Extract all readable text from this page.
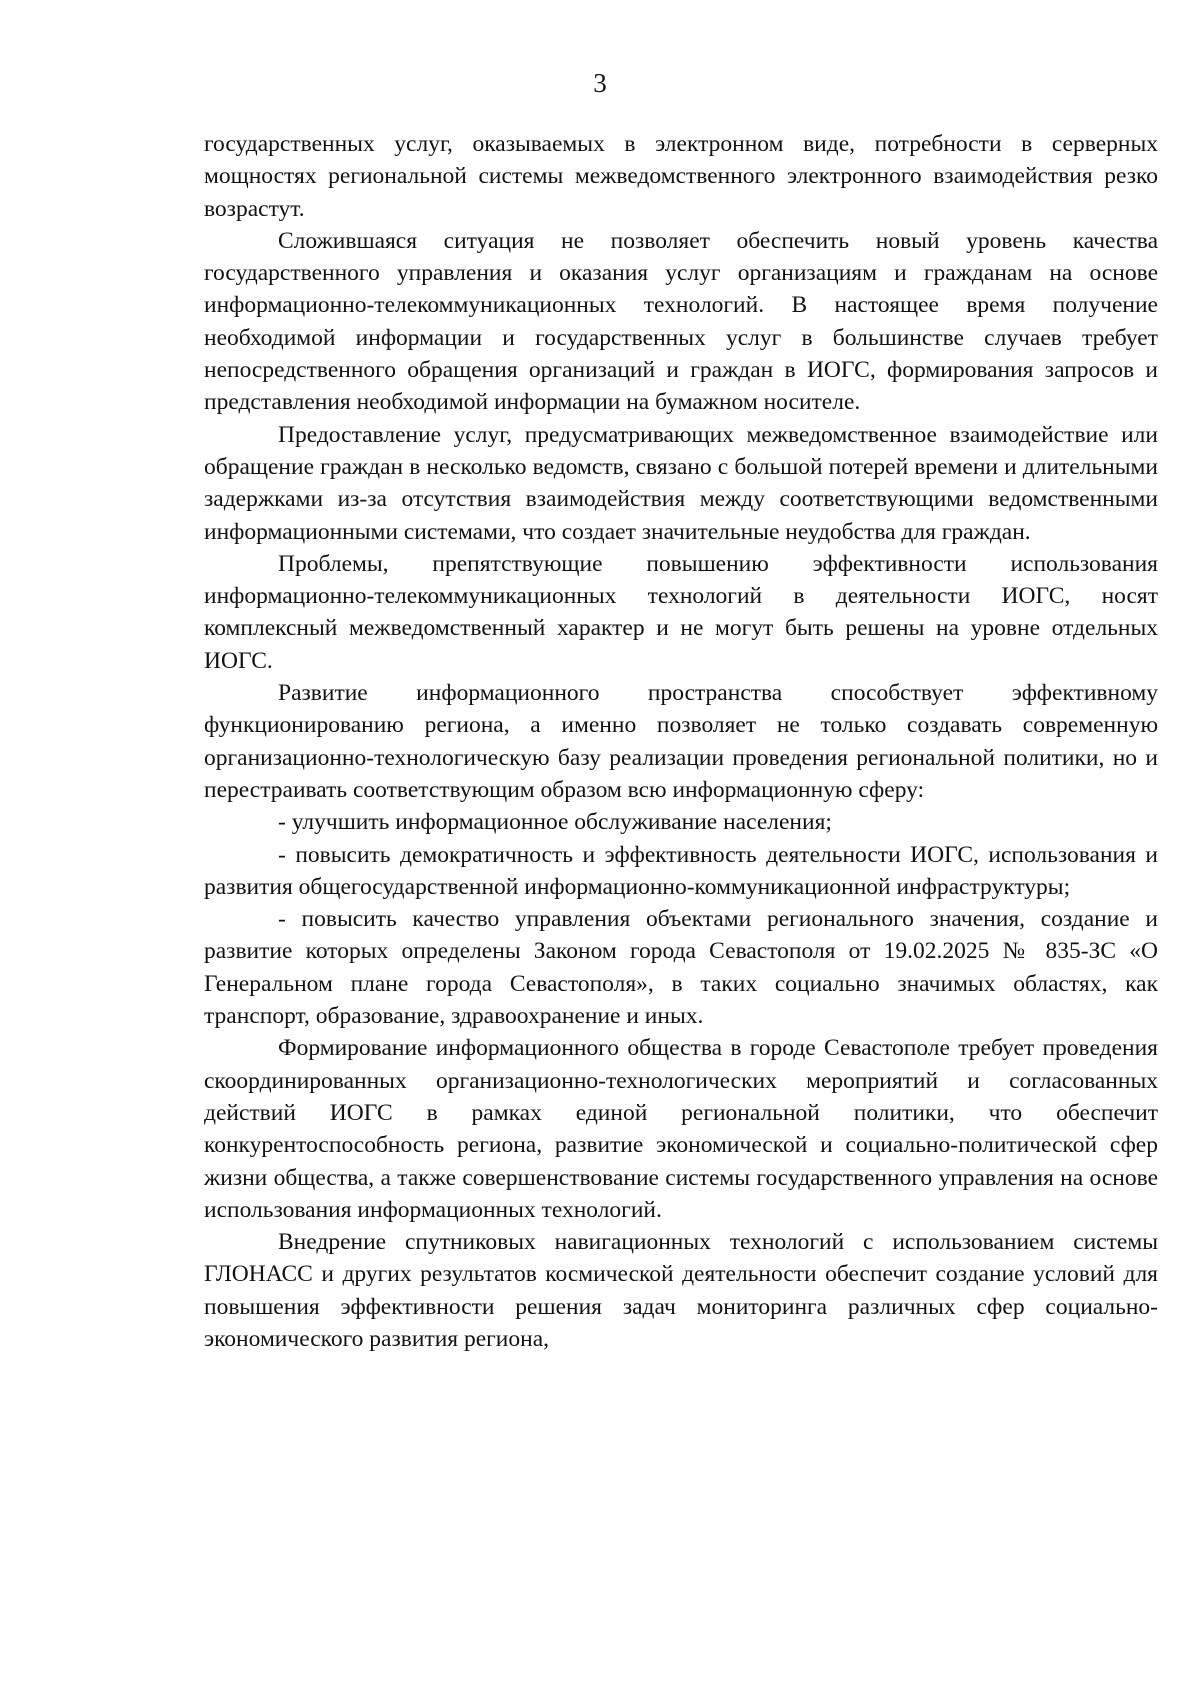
3

государственных услуг, оказываемых в электронном виде, потребности в серверных мощностях региональной системы межведомственного электронного взаимодействия резко возрастут.

Сложившаяся ситуация не позволяет обеспечить новый уровень качества государственного управления и оказания услуг организациям и гражданам на основе информационно-телекоммуникационных технологий. В настоящее время получение необходимой информации и государственных услуг в большинстве случаев требует непосредственного обращения организаций и граждан в ИОГС, формирования запросов и представления необходимой информации на бумажном носителе.

Предоставление услуг, предусматривающих межведомственное взаимодействие или обращение граждан в несколько ведомств, связано с большой потерей времени и длительными задержками из-за отсутствия взаимодействия между соответствующими ведомственными информационными системами, что создает значительные неудобства для граждан.

Проблемы, препятствующие повышению эффективности использования информационно-телекоммуникационных технологий в деятельности ИОГС, носят комплексный межведомственный характер и не могут быть решены на уровне отдельных ИОГС.

Развитие информационного пространства способствует эффективному функционированию региона, а именно позволяет не только создавать современную организационно-технологическую базу реализации проведения региональной политики, но и перестраивать соответствующим образом всю информационную сферу:

- улучшить информационное обслуживание населения;

- повысить демократичность и эффективность деятельности ИОГС, использования и развития общегосударственной информационно-коммуникационной инфраструктуры;

- повысить качество управления объектами регионального значения, создание и развитие которых определены Законом города Севастополя от 19.02.2025 № 835-ЗС «О Генеральном плане города Севастополя», в таких социально значимых областях, как транспорт, образование, здравоохранение и иных.

Формирование информационного общества в городе Севастополе требует проведения скоординированных организационно-технологических мероприятий и согласованных действий ИОГС в рамках единой региональной политики, что обеспечит конкурентоспособность региона, развитие экономической и социально-политической сфер жизни общества, а также совершенствование системы государственного управления на основе использования информационных технологий.

Внедрение спутниковых навигационных технологий с использованием системы ГЛОНАСС и других результатов космической деятельности обеспечит создание условий для повышения эффективности решения задач мониторинга различных сфер социально-экономического развития региона,
